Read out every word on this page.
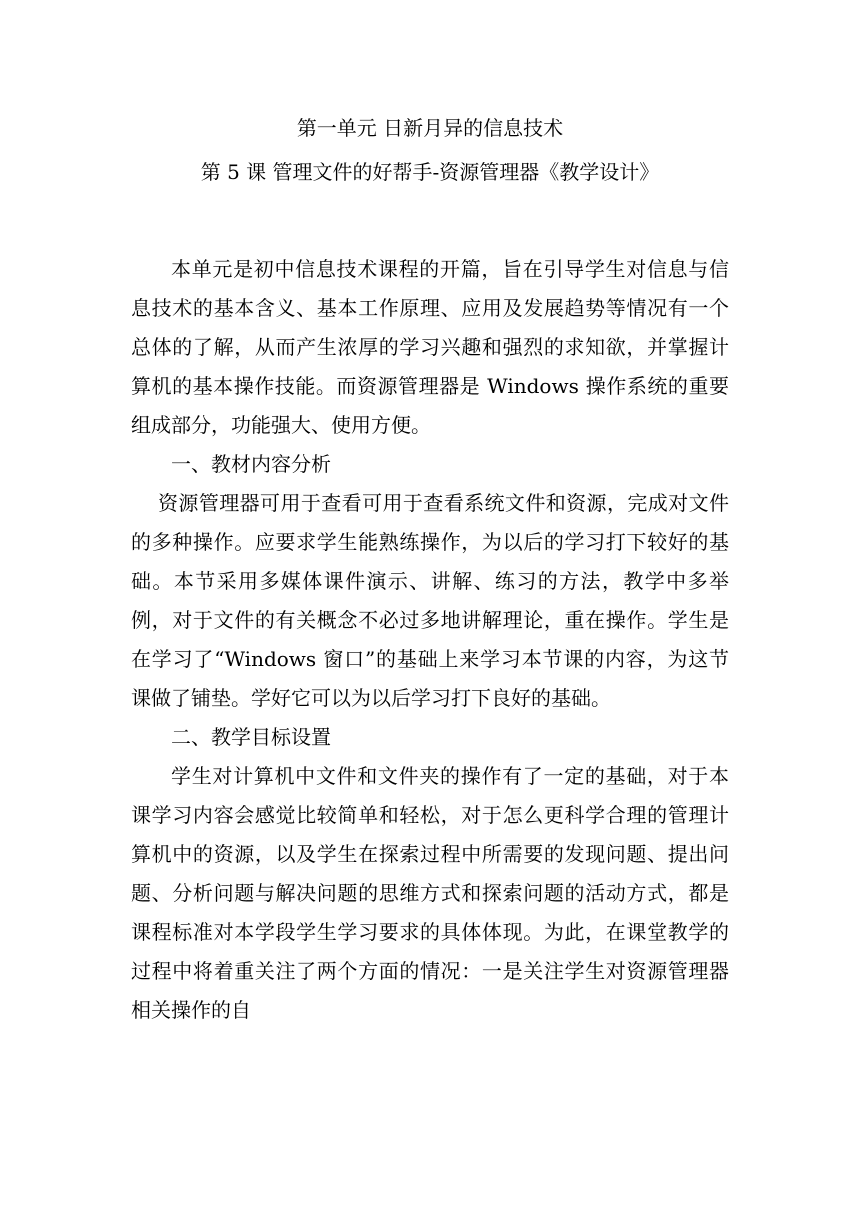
第一单元 日新月异的信息技术
第 5 课 管理文件的好帮手-资源管理器《教学设计》

本单元是初中信息技术课程的开篇，旨在引导学生对信息与信息技术的基本含义、基本工作原理、应用及发展趋势等情况有一个总体的了解，从而产生浓厚的学习兴趣和强烈的求知欲，并掌握计算机的基本操作技能。而资源管理器是 Windows 操作系统的重要组成部分，功能强大、使用方便。

一、教材内容分析

资源管理器可用于查看可用于查看系统文件和资源，完成对文件的多种操作。应要求学生能熟练操作，为以后的学习打下较好的基础。本节采用多媒体课件演示、讲解、练习的方法，教学中多举例，对于文件的有关概念不必过多地讲解理论，重在操作。学生是在学习了“Windows 窗口”的基础上来学习本节课的内容，为这节课做了铺垫。学好它可以为以后学习打下良好的基础。

二、教学目标设置

学生对计算机中文件和文件夹的操作有了一定的基础，对于本课学习内容会感觉比较简单和轻松，对于怎么更科学合理的管理计算机中的资源，以及学生在探索过程中所需要的发现问题、提出问题、分析问题与解决问题的思维方式和探索问题的活动方式，都是课程标准对本学段学生学习要求的具体体现。为此，在课堂教学的过程中将着重关注了两个方面的情况：一是关注学生对资源管理器相关操作的自
